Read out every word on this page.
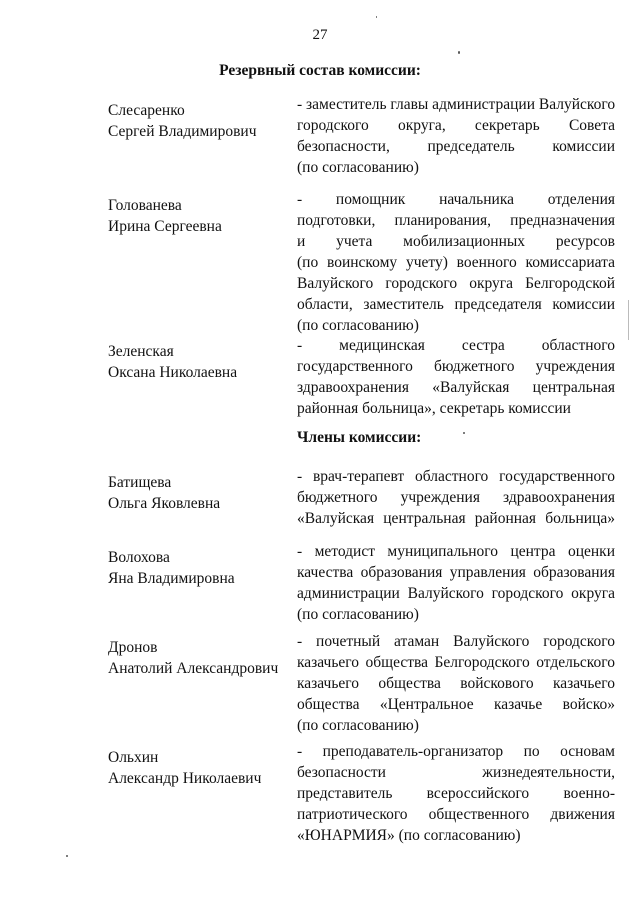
27
Резервный состав комиссии:
Слесаренко
Сергей Владимирович
- заместитель главы администрации Валуйского
городского округа, секретарь Совета
безопасности, председатель комиссии
(по согласованию)
Голованева
Ирина Сергеевна
- помощник начальника отделения
подготовки, планирования, предназначения
и учета мобилизационных ресурсов
(по воинскому учету) военного комиссариата
Валуйского городского округа Белгородской
области, заместитель председателя комиссии
(по согласованию)
Зеленская
Оксана Николаевна
- медицинская сестра областного
государственного бюджетного учреждения
здравоохранения «Валуйская центральная
районная больница», секретарь комиссии
Члены комиссии:
Батищева
Ольга Яковлевна
- врач-терапевт областного государственного
бюджетного учреждения здравоохранения
«Валуйская центральная районная больница»
Волохова
Яна Владимировна
- методист муниципального центра оценки
качества образования управления образования
администрации Валуйского городского округа
(по согласованию)
Дронов
Анатолий Александрович
- почетный атаман Валуйского городского
казачьего общества Белгородского отдельского
казачьего общества войскового казачьего
общества «Центральное казачье войско»
(по согласованию)
Ольхин
Александр Николаевич
- преподаватель-организатор по основам
безопасности жизнедеятельности,
представитель всероссийского военно-
патриотического общественного движения
«ЮНАРМИЯ» (по согласованию)
